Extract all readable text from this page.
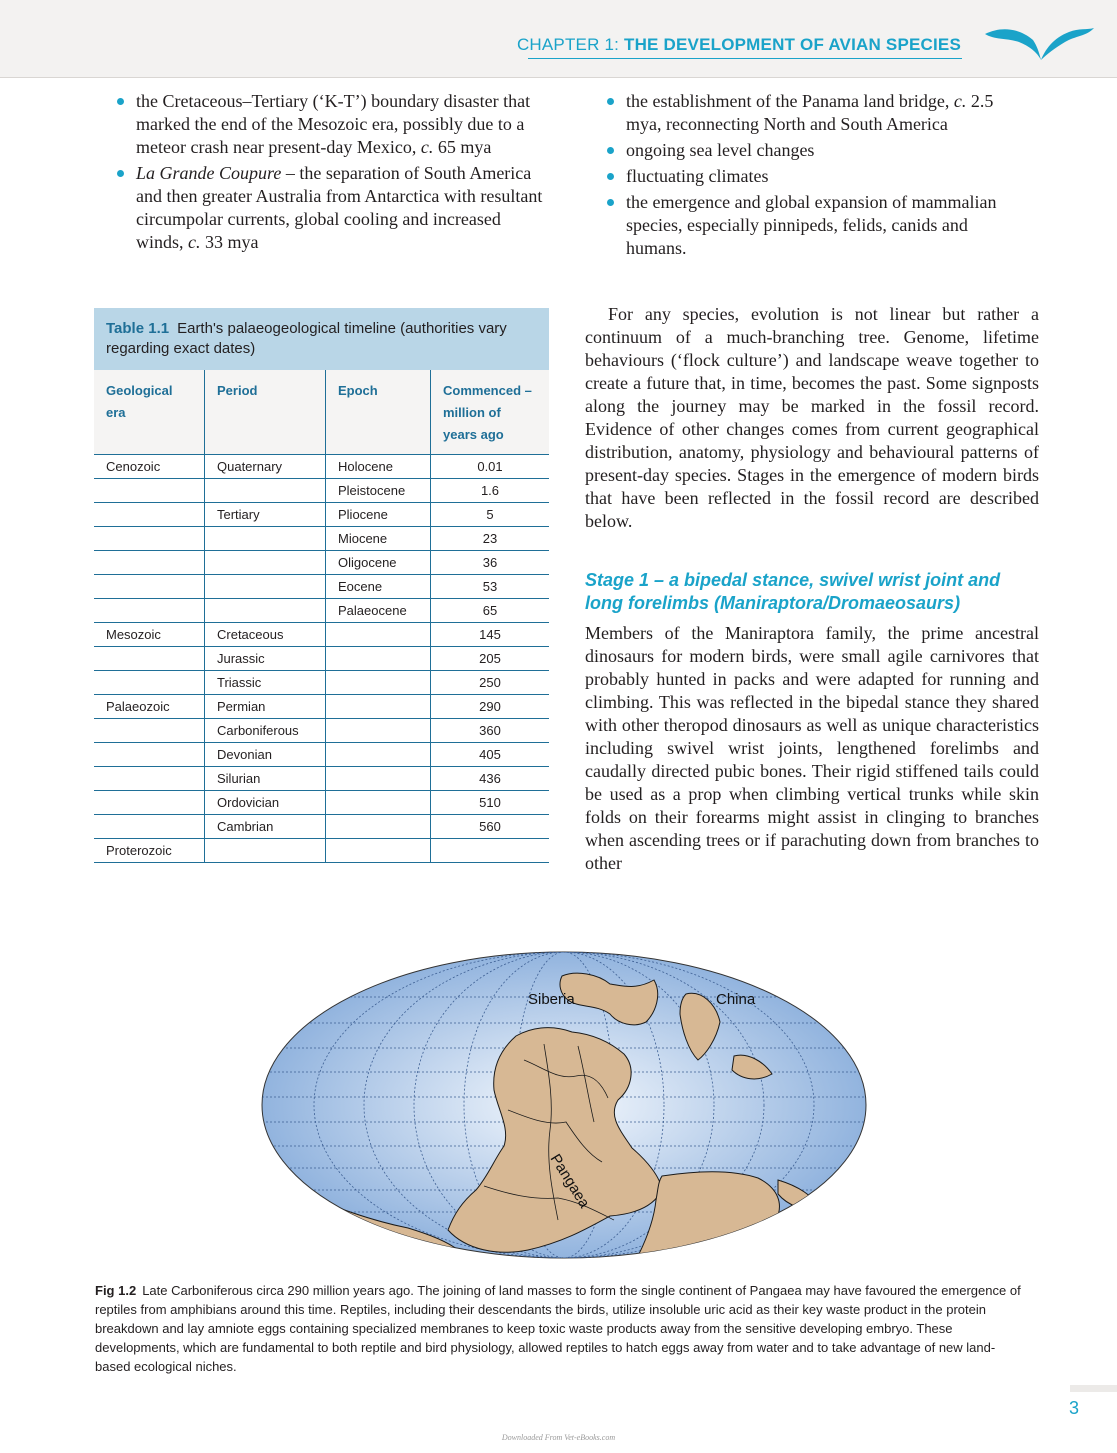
CHAPTER 1: THE DEVELOPMENT OF AVIAN SPECIES
the Cretaceous–Tertiary (‘K-T’) boundary disaster that marked the end of the Mesozoic era, possibly due to a meteor crash near present-day Mexico, c. 65 mya
La Grande Coupure – the separation of South America and then greater Australia from Antarctica with resultant circumpolar currents, global cooling and increased winds, c. 33 mya
the establishment of the Panama land bridge, c. 2.5 mya, reconnecting North and South America
ongoing sea level changes
fluctuating climates
the emergence and global expansion of mammalian species, especially pinnipeds, felids, canids and humans.
Table 1.1 Earth's palaeogeological timeline (authorities vary regarding exact dates)
Geological era	Period	Epoch	Commenced – million of years ago
Cenozoic	Quaternary	Holocene	0.01
		Pleistocene	1.6
	Tertiary	Pliocene	5
		Miocene	23
		Oligocene	36
		Eocene	53
		Palaeocene	65
Mesozoic	Cretaceous		145
	Jurassic		205
	Triassic		250
Palaeozoic	Permian		290
	Carboniferous		360
	Devonian		405
	Silurian		436
	Ordovician		510
	Cambrian		560
Proterozoic			

For any species, evolution is not linear but rather a continuum of a much-branching tree. Genome, lifetime behaviours (‘flock culture’) and landscape weave together to create a future that, in time, becomes the past. Some signposts along the journey may be marked in the fossil record. Evidence of other changes comes from current geographical distribution, anatomy, physiology and behavioural patterns of present-day species. Stages in the emergence of modern birds that have been reflected in the fossil record are described below.

Stage 1 – a bipedal stance, swivel wrist joint and long forelimbs (Maniraptora/Dromaeosaurs)

Members of the Maniraptora family, the prime ancestral dinosaurs for modern birds, were small agile carnivores that probably hunted in packs and were adapted for running and climbing. This was reflected in the bipedal stance they shared with other theropod dinosaurs as well as unique characteristics including swivel wrist joints, lengthened forelimbs and caudally directed pubic bones. Their rigid stiffened tails could be used as a prop when climbing vertical trunks while skin folds on their forearms might assist in clinging to branches when ascending trees or if parachuting down from branches to other

Siberia	China
Pangaea

Fig 1.2 Late Carboniferous circa 290 million years ago. The joining of land masses to form the single continent of Pangaea may have favoured the emergence of reptiles from amphibians around this time. Reptiles, including their descendants the birds, utilize insoluble uric acid as their key waste product in the protein breakdown and lay amniote eggs containing specialized membranes to keep toxic waste products away from the sensitive developing embryo. These developments, which are fundamental to both reptile and bird physiology, allowed reptiles to hatch eggs away from water and to take advantage of new land-based ecological niches.

3
Downloaded From Vet-eBooks.com
